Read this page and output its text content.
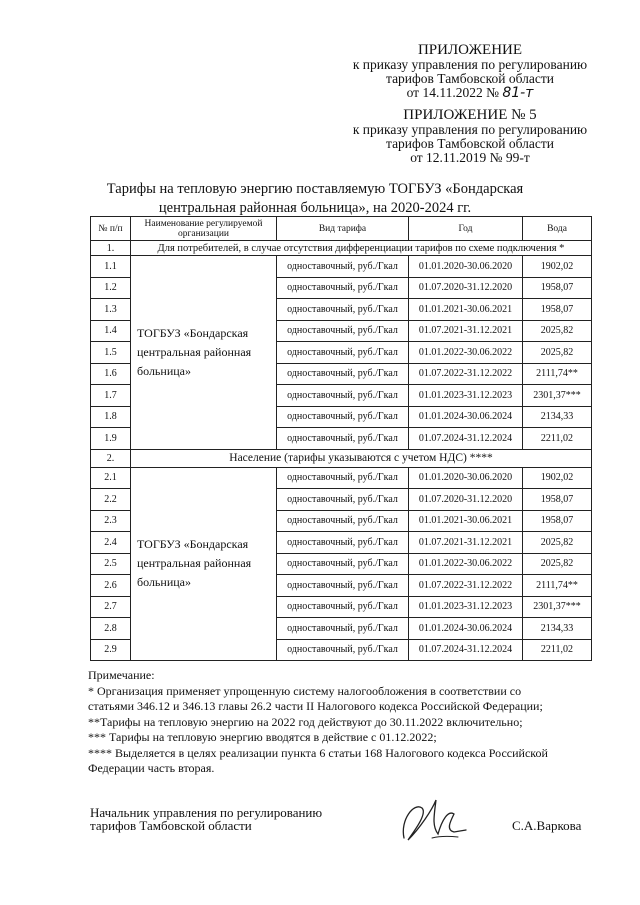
ПРИЛОЖЕНИЕ
к приказу управления по регулированию
тарифов Тамбовской области
от 14.11.2022 № 81-т
ПРИЛОЖЕНИЕ № 5
к приказу управления по регулированию
тарифов Тамбовской области
от 12.11.2019 № 99-т
Тарифы на тепловую энергию поставляемую ТОГБУЗ «Бондарская
центральная районная больница», на 2020-2024 гг.
№ п/п	Наименование регулируемой организации	Вид тарифа	Год	Вода
1.	Для потребителей, в случае отсутствия дифференциации тарифов по схеме подключения *			
1.1	ТОГБУЗ «Бондарская центральная районная больница»	одноставочный, руб./Гкал	01.01.2020-30.06.2020	1902,02
1.2		одноставочный, руб./Гкал	01.07.2020-31.12.2020	1958,07
1.3		одноставочный, руб./Гкал	01.01.2021-30.06.2021	1958,07
1.4		одноставочный, руб./Гкал	01.07.2021-31.12.2021	2025,82
1.5		одноставочный, руб./Гкал	01.01.2022-30.06.2022	2025,82
1.6		одноставочный, руб./Гкал	01.07.2022-31.12.2022	2111,74**
1.7		одноставочный, руб./Гкал	01.01.2023-31.12.2023	2301,37***
1.8		одноставочный, руб./Гкал	01.01.2024-30.06.2024	2134,33
1.9		одноставочный, руб./Гкал	01.07.2024-31.12.2024	2211,02
2.	Население (тарифы указываются с учетом НДС) ****			
2.1	ТОГБУЗ «Бондарская центральная районная больница»	одноставочный, руб./Гкал	01.01.2020-30.06.2020	1902,02
2.2		одноставочный, руб./Гкал	01.07.2020-31.12.2020	1958,07
2.3		одноставочный, руб./Гкал	01.01.2021-30.06.2021	1958,07
2.4		одноставочный, руб./Гкал	01.07.2021-31.12.2021	2025,82
2.5		одноставочный, руб./Гкал	01.01.2022-30.06.2022	2025,82
2.6		одноставочный, руб./Гкал	01.07.2022-31.12.2022	2111,74**
2.7		одноставочный, руб./Гкал	01.01.2023-31.12.2023	2301,37***
2.8		одноставочный, руб./Гкал	01.01.2024-30.06.2024	2134,33
2.9		одноставочный, руб./Гкал	01.07.2024-31.12.2024	2211,02
Примечание:
* Организация применяет упрощенную систему налогообложения в соответствии со
статьями 346.12 и 346.13 главы 26.2 части II Налогового кодекса Российской Федерации;
**Тарифы на тепловую энергию на 2022 год действуют до 30.11.2022 включительно;
*** Тарифы на тепловую энергию вводятся в действие с 01.12.2022;
**** Выделяется в целях реализации пункта 6 статьи 168 Налогового кодекса Российской
Федерации часть вторая.
Начальник управления по регулированию
тарифов Тамбовской области	С.А.Варкова
